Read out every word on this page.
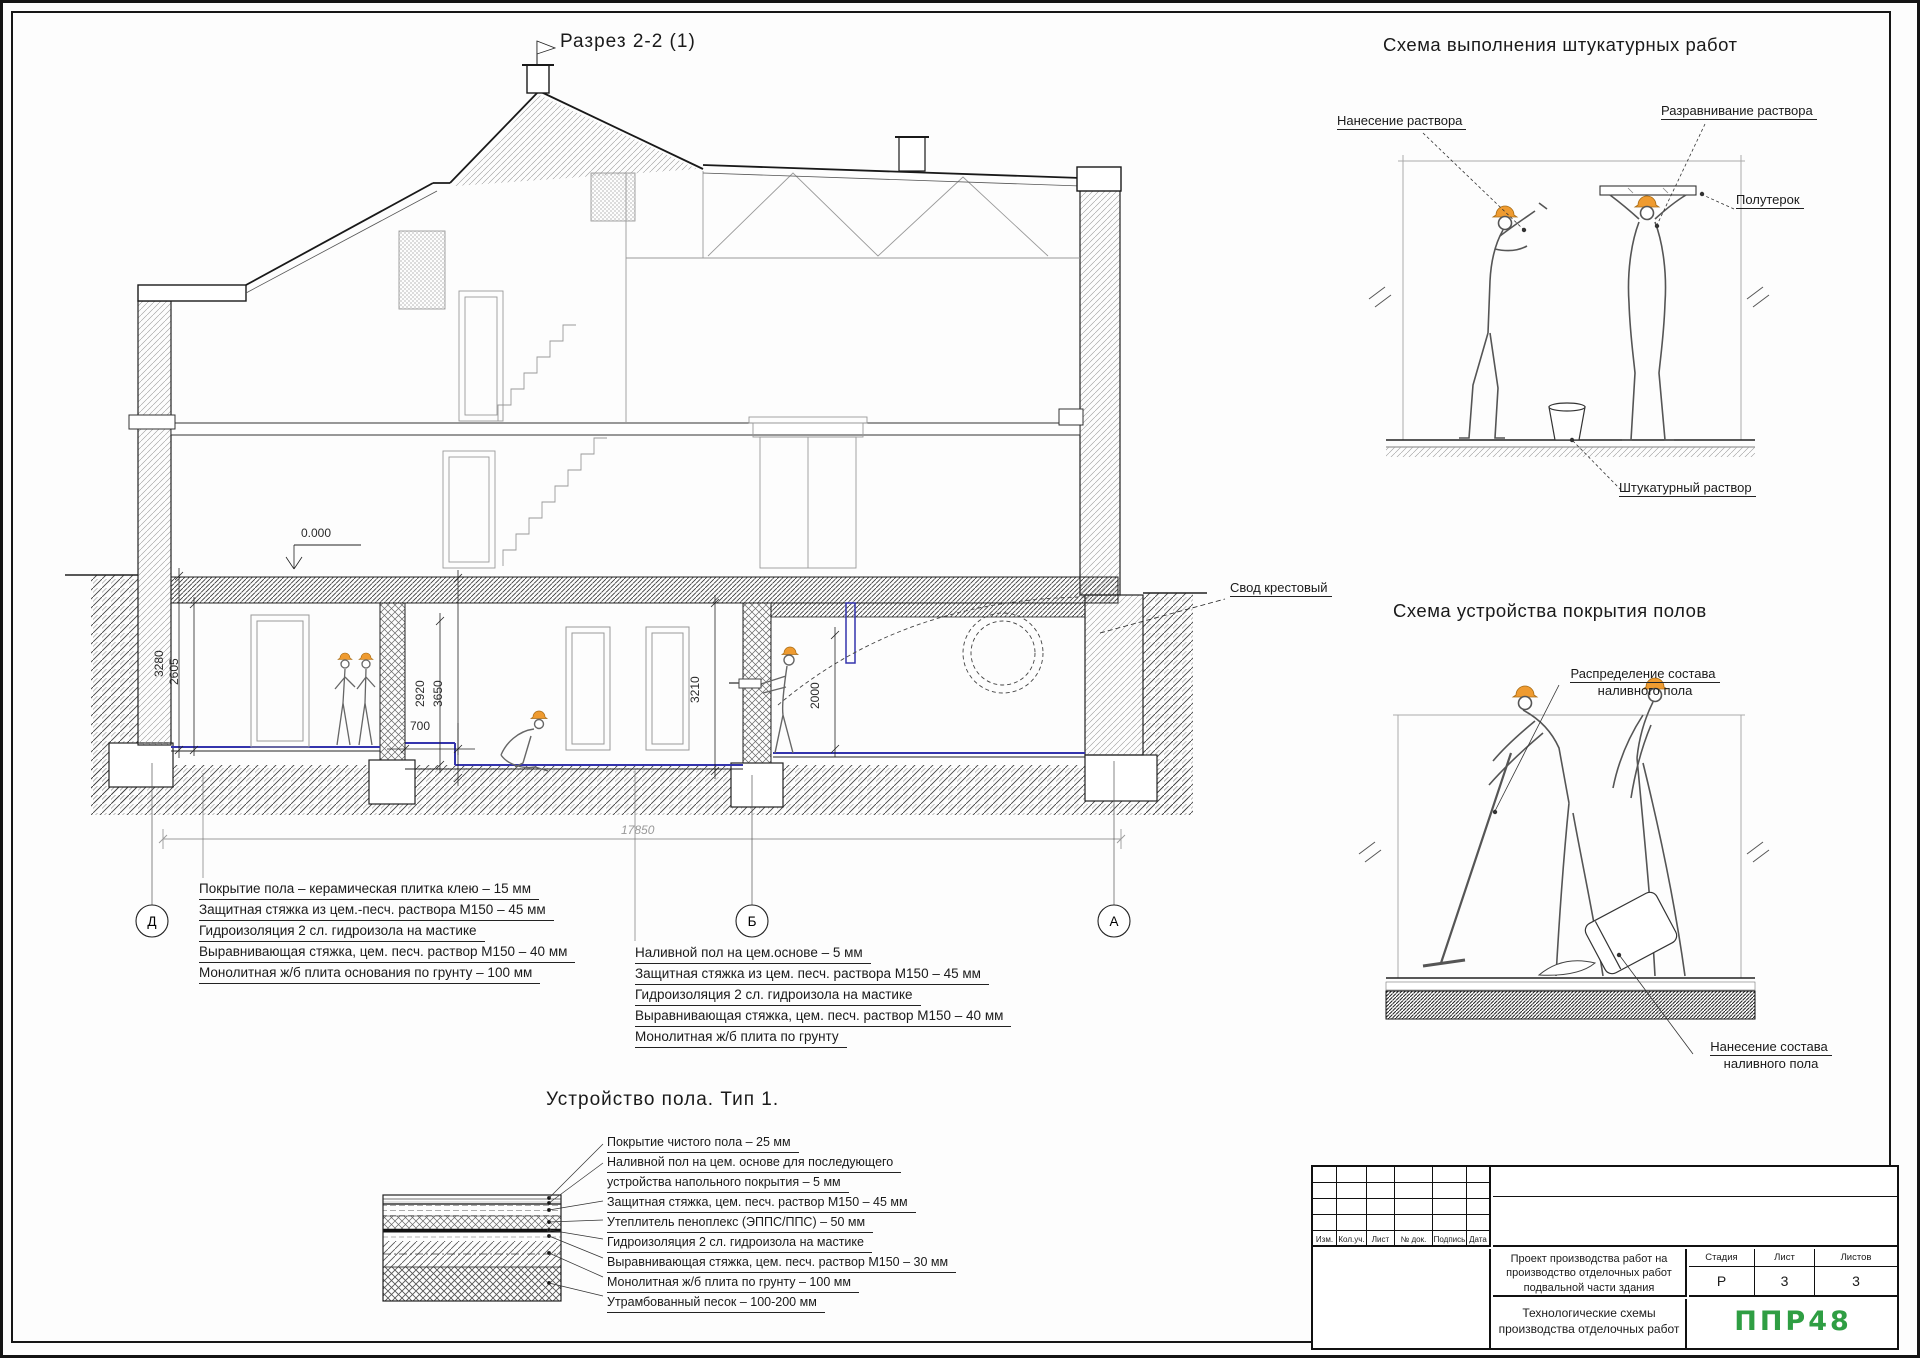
Д	Б	А
Разрез 2-2 (1)
0.000
3280 2605
2920 3650	3210	2000
700
17850
Свод крестовый
Покрытие пола – керамическая плитка клею – 15 мм
Защитная стяжка из цем.-песч. раствора М150 – 45 мм
Гидроизоляция 2 сл. гидроизола на мастике
Выравнивающая стяжка, цем. песч. раствор М150 – 40 мм
Монолитная ж/б плита основания по грунту – 100 мм
Наливной пол на цем.основе – 5 мм
Защитная стяжка из цем. песч. раствора М150 – 45 мм
Гидроизоляция 2 сл. гидроизола на мастике
Выравнивающая стяжка, цем. песч. раствор М150 – 40 мм
Монолитная ж/б плита по грунту
Устройство пола. Тип 1.
Покрытие чистого пола – 25 мм
Наливной пол на цем. основе для последующего
устройства напольного покрытия – 5 мм
Защитная стяжка, цем. песч. раствор М150 – 45 мм
Утеплитель пеноплекс (ЭППС/ППС) – 50 мм
Гидроизоляция 2 сл. гидроизола на мастике
Выравнивающая стяжка, цем. песч. раствор М150 – 30 мм
Монолитная ж/б плита по грунту – 100 мм
Утрамбованный песок – 100-200 мм
Схема выполнения штукатурных работ
Нанесение раствора
Разравнивание раствора
Полутерок
Штукатурный раствор
Схема устройства покрытия полов
Распределение состава
наливного пола
Нанесение состава
наливного пола
Изм. Кол.уч. Лист	№ док. Подпись Дата
Проект производства работ на
производство отделочных работ
подвальной части здания
Технологические схемы
производства отделочных работ
Стадия	Лист	Листов
Р	3	3
ППР48
